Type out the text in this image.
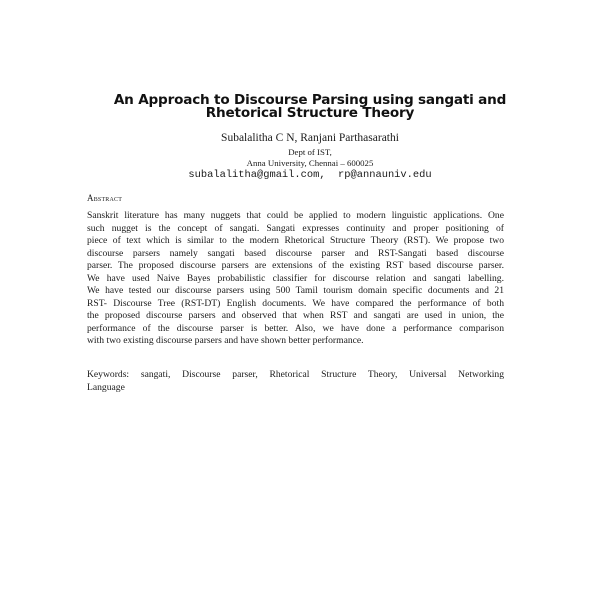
An Approach to Discourse Parsing using sangati and
Rhetorical Structure Theory
Subalalitha C N, Ranjani Parthasarathi
Dept of IST,
Anna University, Chennai – 600025
subalalitha@gmail.com,  rp@annauniv.edu
Abstract
Sanskrit literature has many nuggets that could be applied to modern linguistic applications. One
such nugget is the concept of sangati. Sangati expresses continuity and proper positioning of
piece of text which is similar to the modern Rhetorical Structure Theory (RST). We propose two
discourse parsers namely sangati based discourse parser and RST-Sangati based discourse
parser. The proposed discourse parsers are extensions of the existing RST based discourse parser.
We have used Naive Bayes probabilistic classifier for discourse relation and sangati labelling.
We have tested our discourse parsers using 500 Tamil tourism domain specific documents and 21
RST- Discourse Tree (RST-DT) English documents. We have compared the performance of both
the proposed discourse parsers and observed that when RST and sangati are used in union, the
performance of the discourse parser is better. Also, we have done a performance comparison
with two existing discourse parsers and have shown better performance.
Keywords: sangati, Discourse parser, Rhetorical Structure Theory, Universal Networking
Language
